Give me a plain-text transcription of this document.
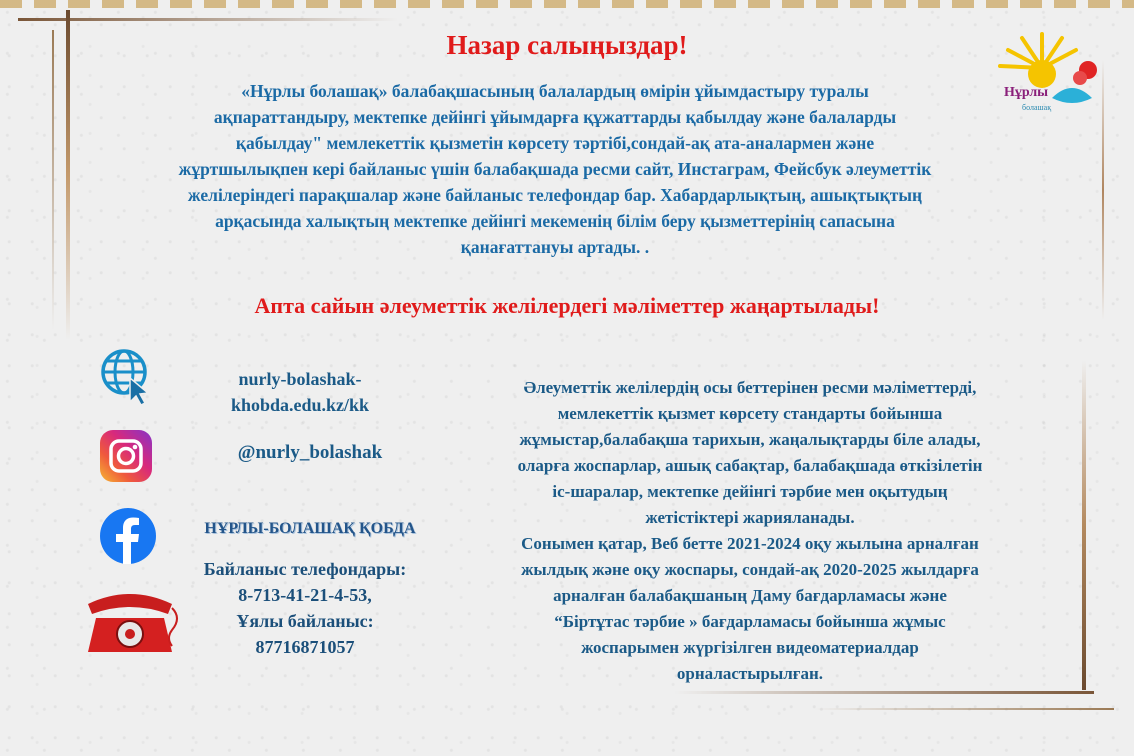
Назар салыңыздар!
«Нұрлы болашақ» балабақшасының балалардың өмірін ұйымдастыру туралы
ақпараттандыру, мектепке дейінгі ұйымдарға құжаттарды қабылдау және балаларды
қабылдау" мемлекеттік қызметін көрсету тәртібі,сондай-ақ ата-аналармен және
жұртшылықпен кері байланыс үшін балабақшада ресми сайт, Инстаграм, Фейсбук әлеуметтік
желілеріндегі парақшалар және байланыс телефондар бар. Хабардарлықтың, ашықтықтың
арқасында халықтың мектепке дейінгі мекеменің білім беру қызметтерінің сапасына
қанағаттануы артады. .
Апта сайын әлеуметтік желілердегі мәліметтер жаңартылады!
Нұрлы
болашақ
nurly-bolashak-
khobda.edu.kz/kk
@nurly_bolashak
НҰРЛЫ-БОЛАШАҚ ҚОБДА
Байланыс телефондары:
8-713-41-21-4-53,
Ұялы байланыс:
87716871057
Әлеуметтік желілердің осы беттерінен ресми мәліметтерді,
мемлекеттік қызмет көрсету стандарты бойынша
жұмыстар,балабақша тарихын, жаңалықтарды біле алады,
оларға жоспарлар, ашық сабақтар, балабақшада өткізілетін
іс-шаралар, мектепке дейінгі тәрбие мен оқытудың
жетістіктері жарияланады.
Сонымен қатар, Веб бетте 2021-2024 оқу жылына арналған
жылдық және оқу жоспары, сондай-ақ 2020-2025 жылдарға
арналған балабақшаның Даму бағдарламасы және
“Біртұтас тәрбие » бағдарламасы бойынша жұмыс
жоспарымен жүргізілген видеоматериалдар
орналастырылған.
